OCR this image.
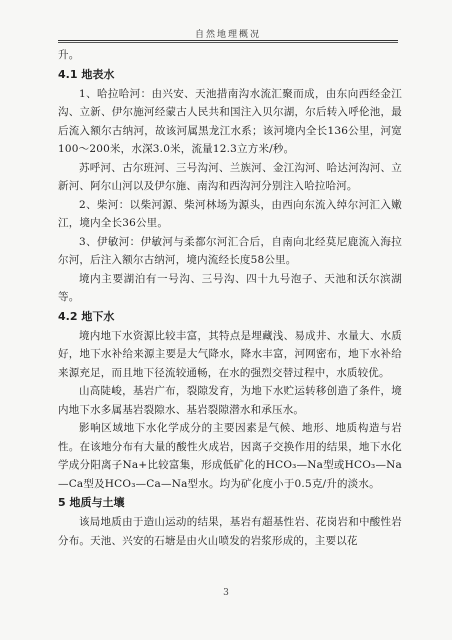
自然地理概况

升。

4.1 地表水

1、哈拉哈河：由兴安、天池措南沟水流汇聚而成，由东向西经金江沟、立新、伊尔施河经蒙古人民共和国注入贝尔湖，尔后转入呼伦池，最后流入额尔古纳河，故该河属黑龙江水系；该河境内全长136公里，河宽100～200米，水深3.0米，流量12.3立方米/秒。

苏呼河、古尔班河、三号沟河、兰族河、金江沟河、哈达河沟河、立新河、阿尔山河以及伊尔施、南沟和西沟河分别注入哈拉哈河。

2、柴河：以柴河源、柴河林场为源头，由西向东流入绰尔河汇入嫩江，境内全长36公里。

3、伊敏河：伊敏河与柔都尔河汇合后，自南向北经莫尼鹿流入海拉尔河，后注入额尔古纳河，境内流经长度58公里。

境内主要湖泊有一号沟、三号沟、四十九号泡子、天池和沃尔滨湖等。

4.2 地下水

境内地下水资源比较丰富，其特点是埋藏浅、易成井、水量大、水质好，地下水补给来源主要是大气降水，降水丰富，河网密布，地下水补给来源充足，而且地下径流较通畅，在水的强烈交替过程中，水质较优。

山高陡峻，基岩广布，裂隙发育，为地下水贮运转移创造了条件，境内地下水多属基岩裂隙水、基岩裂隙潜水和承压水。

影响区域地下水化学成分的主要因素是气候、地形、地质构造与岩性。在该地分布有大量的酸性火成岩，因离子交换作用的结果，地下水化学成分阳离子Na+比较富集，形成低矿化的HCO₃—Na型或HCO₃—Na—Ca型及HCO₃—Ca—Na型水。均为矿化度小于0.5克/升的淡水。

5 地质与土壤

该局地质由于造山运动的结果，基岩有超基性岩、花岗岩和中酸性岩分布。天池、兴安的石塘是由火山喷发的岩浆形成的，主要以花

3
